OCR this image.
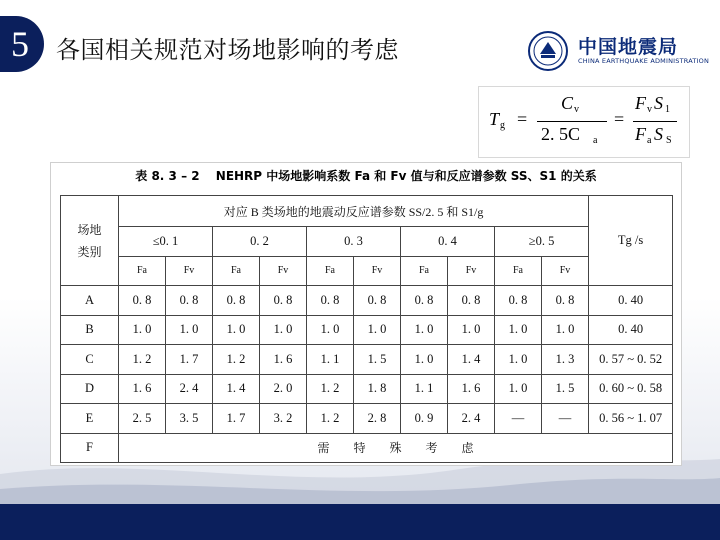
5 各国相关规范对场地影响的考虑	中国地震局
CHINA EARTHQUAKE ADMINISTRATION
T g =
C v
2. 5C a
=
F v S 1
F a S S
表 8. 3 – 2　 NEHRP 中场地影响系数 Fa 和 Fv 值与和反应谱参数 SS、S1 的关系
场地
类别	对应 B 类场地的地震动反应谱参数 SS/2. 5 和 S1/g										Tg /s
	≤0. 1		0. 2		0. 3		0. 4		≥0. 5		
	Fa	Fv	Fa	Fv	Fa	Fv	Fa	Fv	Fa	Fv	
A	0. 8	0. 8	0. 8	0. 8	0. 8	0. 8	0. 8	0. 8	0. 8	0. 8	0. 40
B	1. 0	1. 0	1. 0	1. 0	1. 0	1. 0	1. 0	1. 0	1. 0	1. 0	0. 40
C	1. 2	1. 7	1. 2	1. 6	1. 1	1. 5	1. 0	1. 4	1. 0	1. 3	0. 57 ~ 0. 52
D	1. 6	2. 4	1. 4	2. 0	1. 2	1. 8	1. 1	1. 6	1. 0	1. 5	0. 60 ~ 0. 58
E	2. 5	3. 5	1. 7	3. 2	1. 2	2. 8	0. 9	2. 4	—	—	0. 56 ~ 1. 07
F	需　　特　　殊　　考　　虑										
